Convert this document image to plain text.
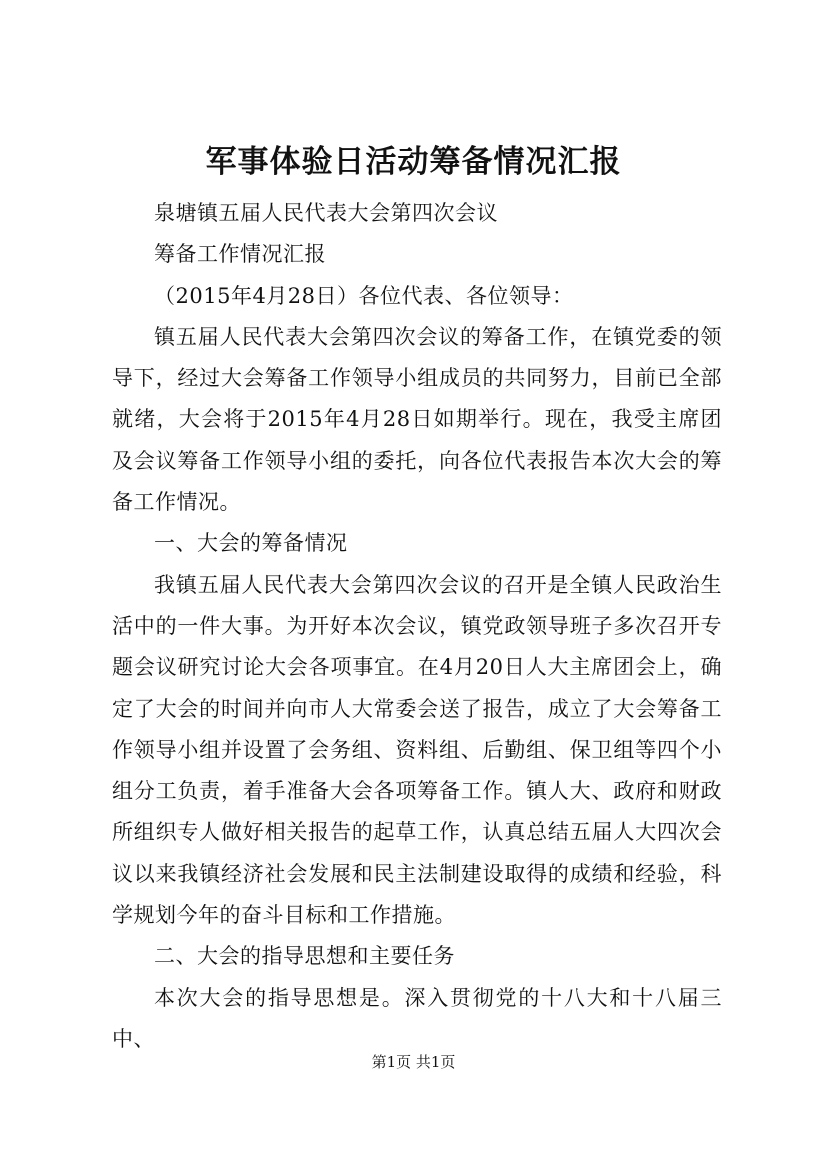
军事体验日活动筹备情况汇报

泉塘镇五届人民代表大会第四次会议

筹备工作情况汇报

（2015年4月28日）各位代表、各位领导：

镇五届人民代表大会第四次会议的筹备工作，在镇党委的领导下，经过大会筹备工作领导小组成员的共同努力，目前已全部就绪，大会将于2015年4月28日如期举行。现在，我受主席团及会议筹备工作领导小组的委托，向各位代表报告本次大会的筹备工作情况。

一、大会的筹备情况

我镇五届人民代表大会第四次会议的召开是全镇人民政治生活中的一件大事。为开好本次会议，镇党政领导班子多次召开专题会议研究讨论大会各项事宜。在4月20日人大主席团会上，确定了大会的时间并向市人大常委会送了报告，成立了大会筹备工作领导小组并设置了会务组、资料组、后勤组、保卫组等四个小组分工负责，着手准备大会各项筹备工作。镇人大、政府和财政所组织专人做好相关报告的起草工作，认真总结五届人大四次会议以来我镇经济社会发展和民主法制建设取得的成绩和经验，科学规划今年的奋斗目标和工作措施。

二、大会的指导思想和主要任务

本次大会的指导思想是。深入贯彻党的十八大和十八届三中、

第1页 共1页
